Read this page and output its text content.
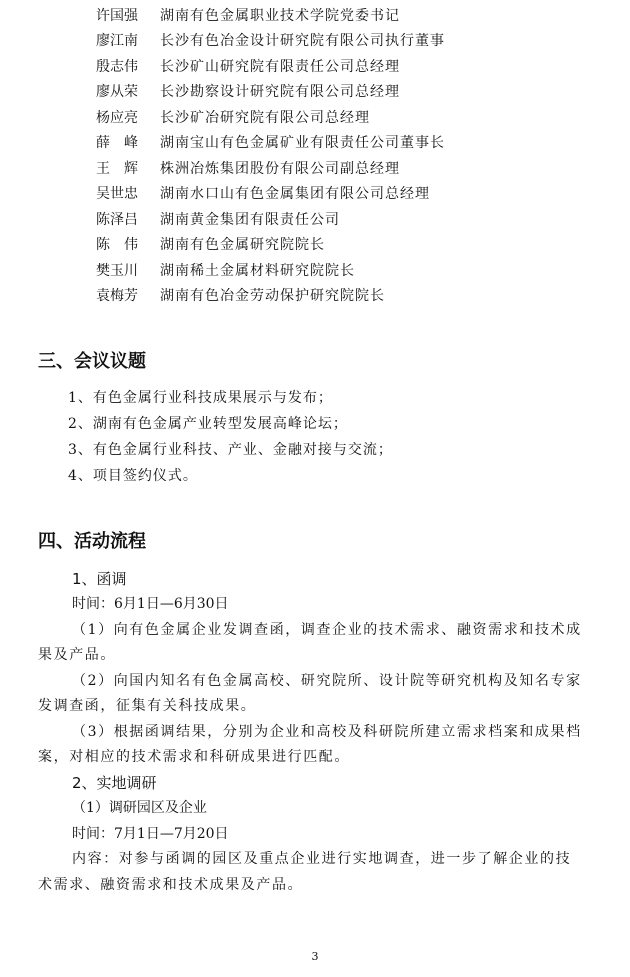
许国强	湖南有色金属职业技术学院党委书记
廖江南	长沙有色冶金设计研究院有限公司执行董事
殷志伟	长沙矿山研究院有限责任公司总经理
廖从荣	长沙勘察设计研究院有限公司总经理
杨应亮	长沙矿冶研究院有限公司总经理
薛　峰	湖南宝山有色金属矿业有限责任公司董事长
王　辉	株洲冶炼集团股份有限公司副总经理
吴世忠	湖南水口山有色金属集团有限公司总经理
陈泽吕	湖南黄金集团有限责任公司
陈　伟	湖南有色金属研究院院长
樊玉川	湖南稀土金属材料研究院院长
袁梅芳	湖南有色冶金劳动保护研究院院长
三、会议议题
1、有色金属行业科技成果展示与发布；
2、湖南有色金属产业转型发展高峰论坛；
3、有色金属行业科技、产业、金融对接与交流；
4、项目签约仪式。
四、活动流程
1、函调
时间：6月1日—6月30日
（1）向有色金属企业发调查函，调查企业的技术需求、融资需求和技术成
果及产品。
（2）向国内知名有色金属高校、研究院所、设计院等研究机构及知名专家
发调查函，征集有关科技成果。
（3）根据函调结果，分别为企业和高校及科研院所建立需求档案和成果档
案，对相应的技术需求和科研成果进行匹配。
2、实地调研
（1）调研园区及企业
时间：7月1日—7月20日
内容：对参与函调的园区及重点企业进行实地调查，进一步了解企业的技
术需求、融资需求和技术成果及产品。
3
